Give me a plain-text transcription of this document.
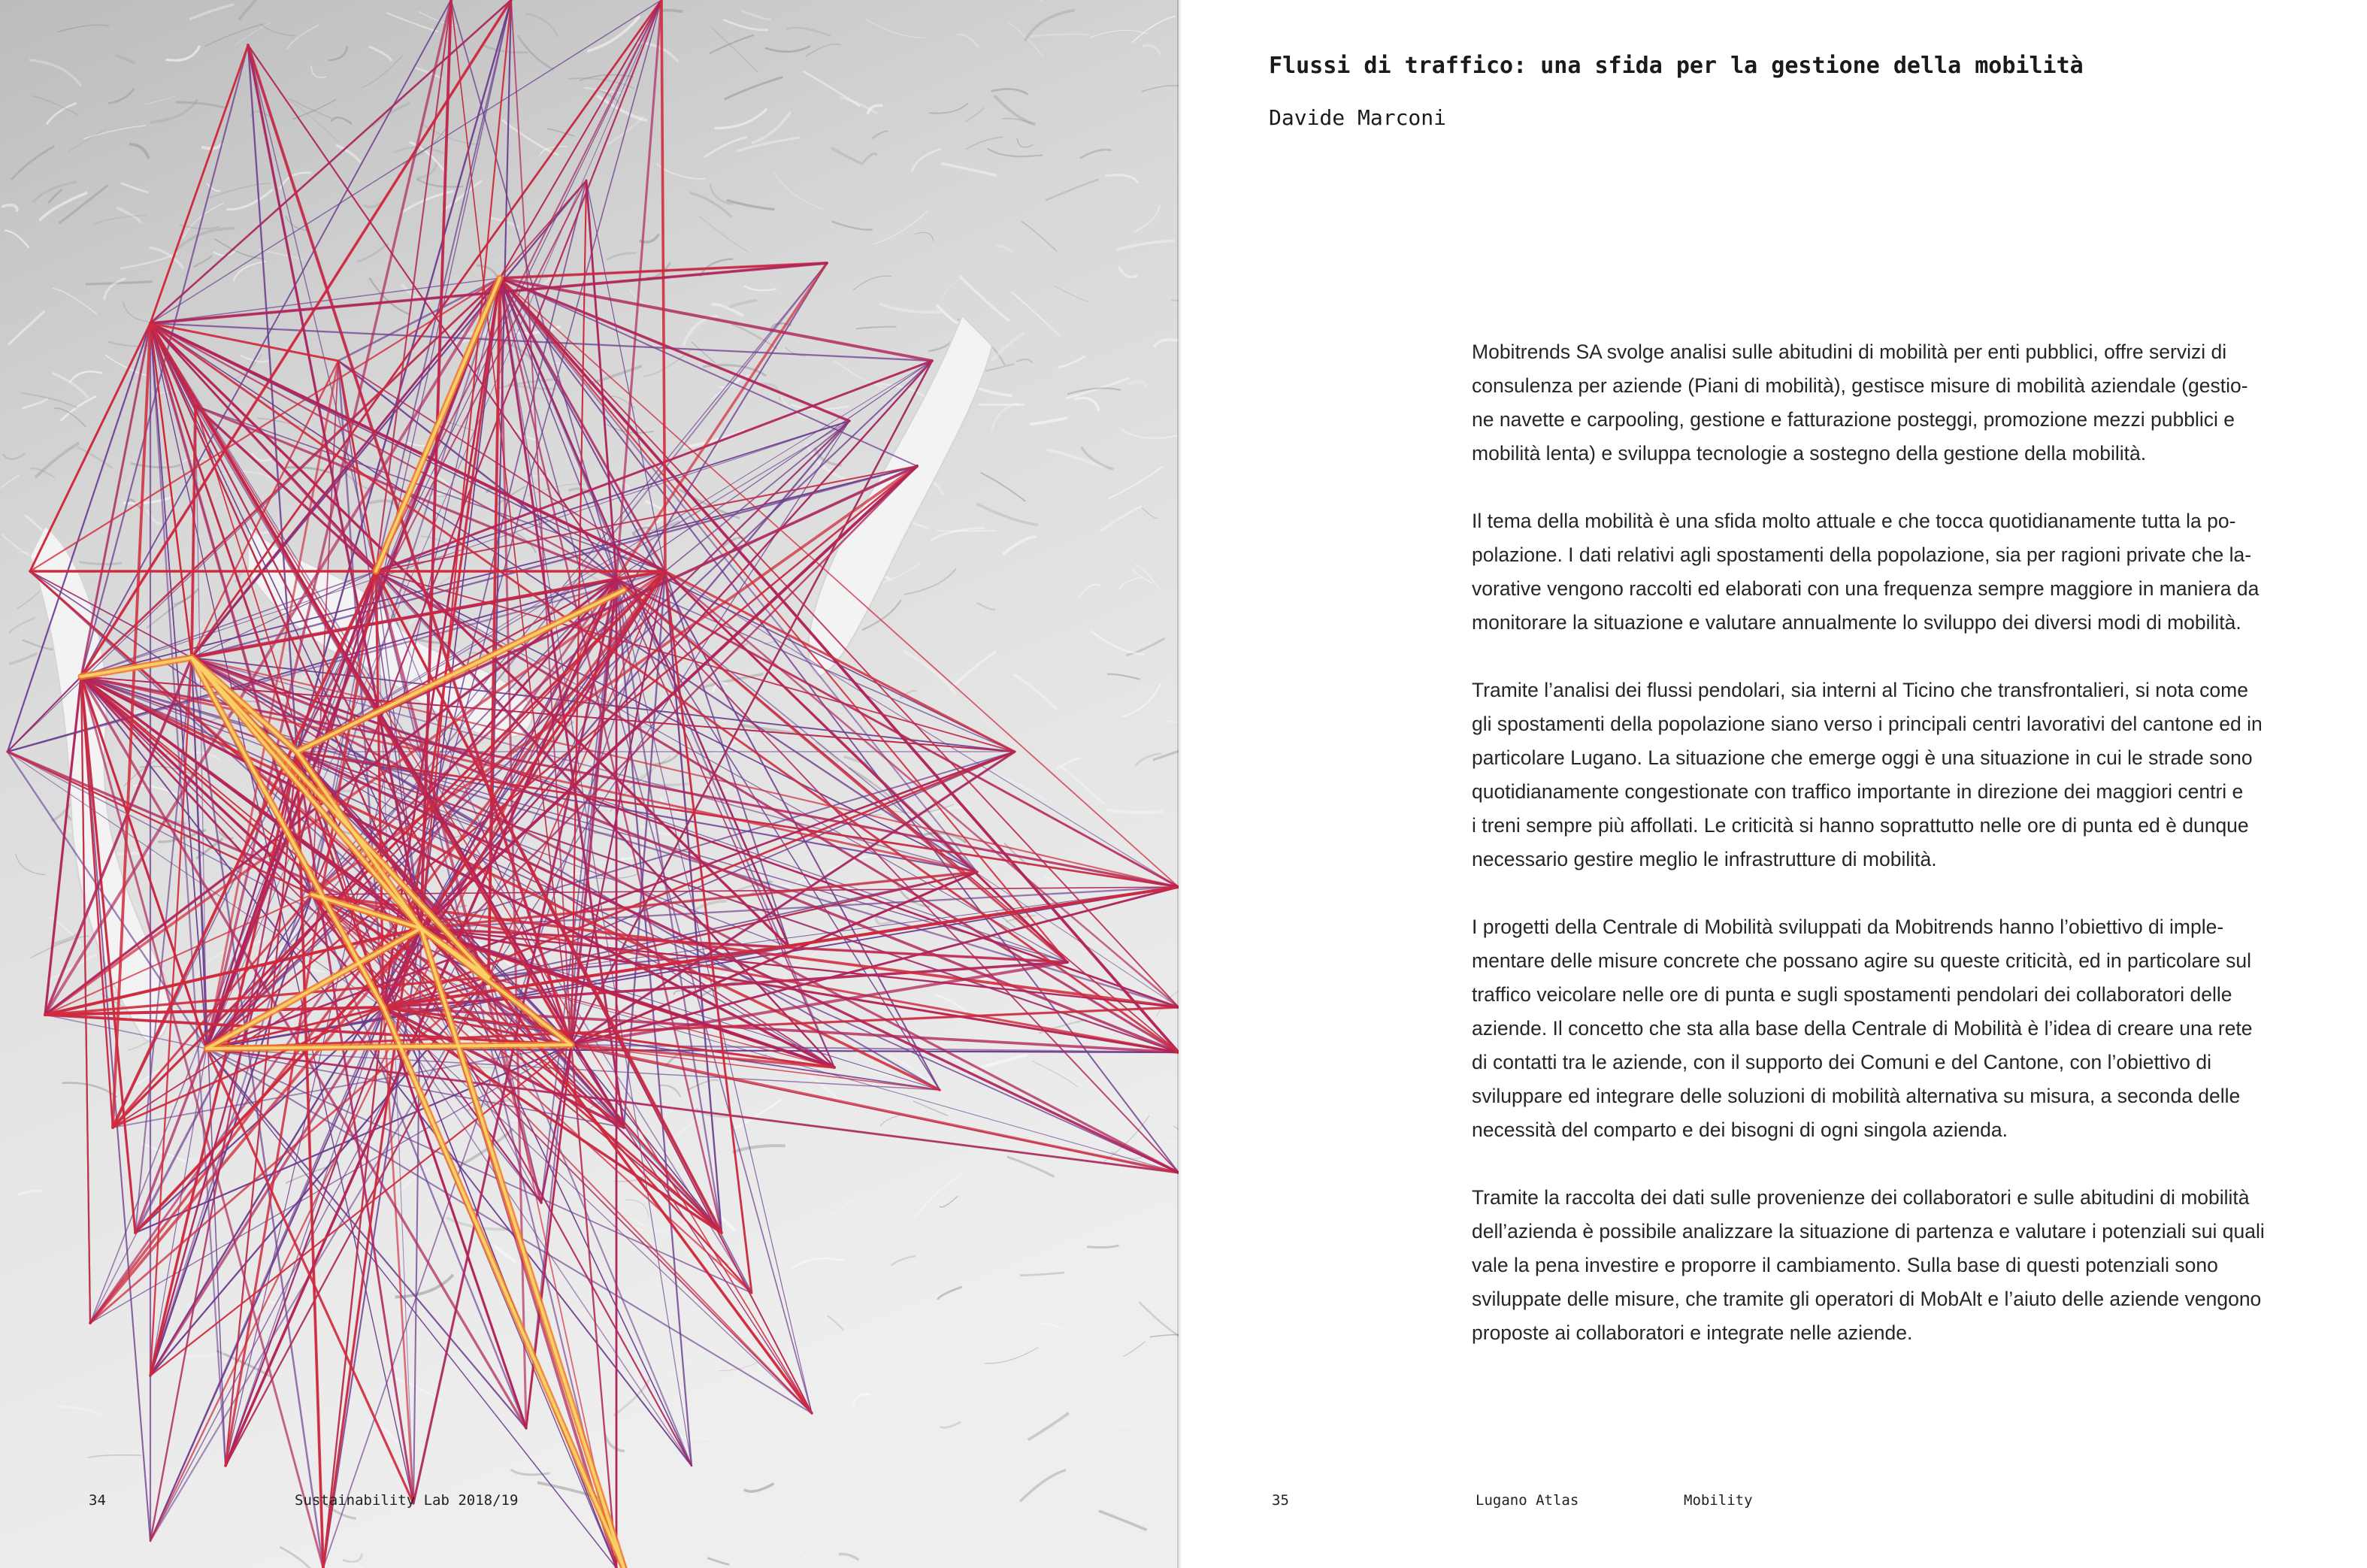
34	Sustainability Lab 2018/19
Flussi di traffico: una sfida per la gestione della mobilità
Davide Marconi

Mobitrends SA svolge analisi sulle abitudini di mobilità per enti pubblici, offre servizi di
consulenza per aziende (Piani di mobilità), gestisce misure di mobilità aziendale (gestio-
ne navette e carpooling, gestione e fatturazione posteggi, promozione mezzi pubblici e
mobilità lenta) e sviluppa tecnologie a sostegno della gestione della mobilità.

Il tema della mobilità è una sfida molto attuale e che tocca quotidianamente tutta la po-
polazione. I dati relativi agli spostamenti della popolazione, sia per ragioni private che la-
vorative vengono raccolti ed elaborati con una frequenza sempre maggiore in maniera da
monitorare la situazione e valutare annualmente lo sviluppo dei diversi modi di mobilità.

Tramite l’analisi dei flussi pendolari, sia interni al Ticino che transfrontalieri, si nota come
gli spostamenti della popolazione siano verso i principali centri lavorativi del cantone ed in
particolare Lugano. La situazione che emerge oggi è una situazione in cui le strade sono
quotidianamente congestionate con traffico importante in direzione dei maggiori centri e
i treni sempre più affollati. Le criticità si hanno soprattutto nelle ore di punta ed è dunque
necessario gestire meglio le infrastrutture di mobilità.

I progetti della Centrale di Mobilità sviluppati da Mobitrends hanno l’obiettivo di imple-
mentare delle misure concrete che possano agire su queste criticità, ed in particolare sul
traffico veicolare nelle ore di punta e sugli spostamenti pendolari dei collaboratori delle
aziende. Il concetto che sta alla base della Centrale di Mobilità è l’idea di creare una rete
di contatti tra le aziende, con il supporto dei Comuni e del Cantone, con l’obiettivo di
sviluppare ed integrare delle soluzioni di mobilità alternativa su misura, a seconda delle
necessità del comparto e dei bisogni di ogni singola azienda.

Tramite la raccolta dei dati sulle provenienze dei collaboratori e sulle abitudini di mobilità
dell’azienda è possibile analizzare la situazione di partenza e valutare i potenziali sui quali
vale la pena investire e proporre il cambiamento. Sulla base di questi potenziali sono
sviluppate delle misure, che tramite gli operatori di MobAlt e l’aiuto delle aziende vengono
proposte ai collaboratori e integrate nelle aziende.

35	Lugano Atlas	Mobility
